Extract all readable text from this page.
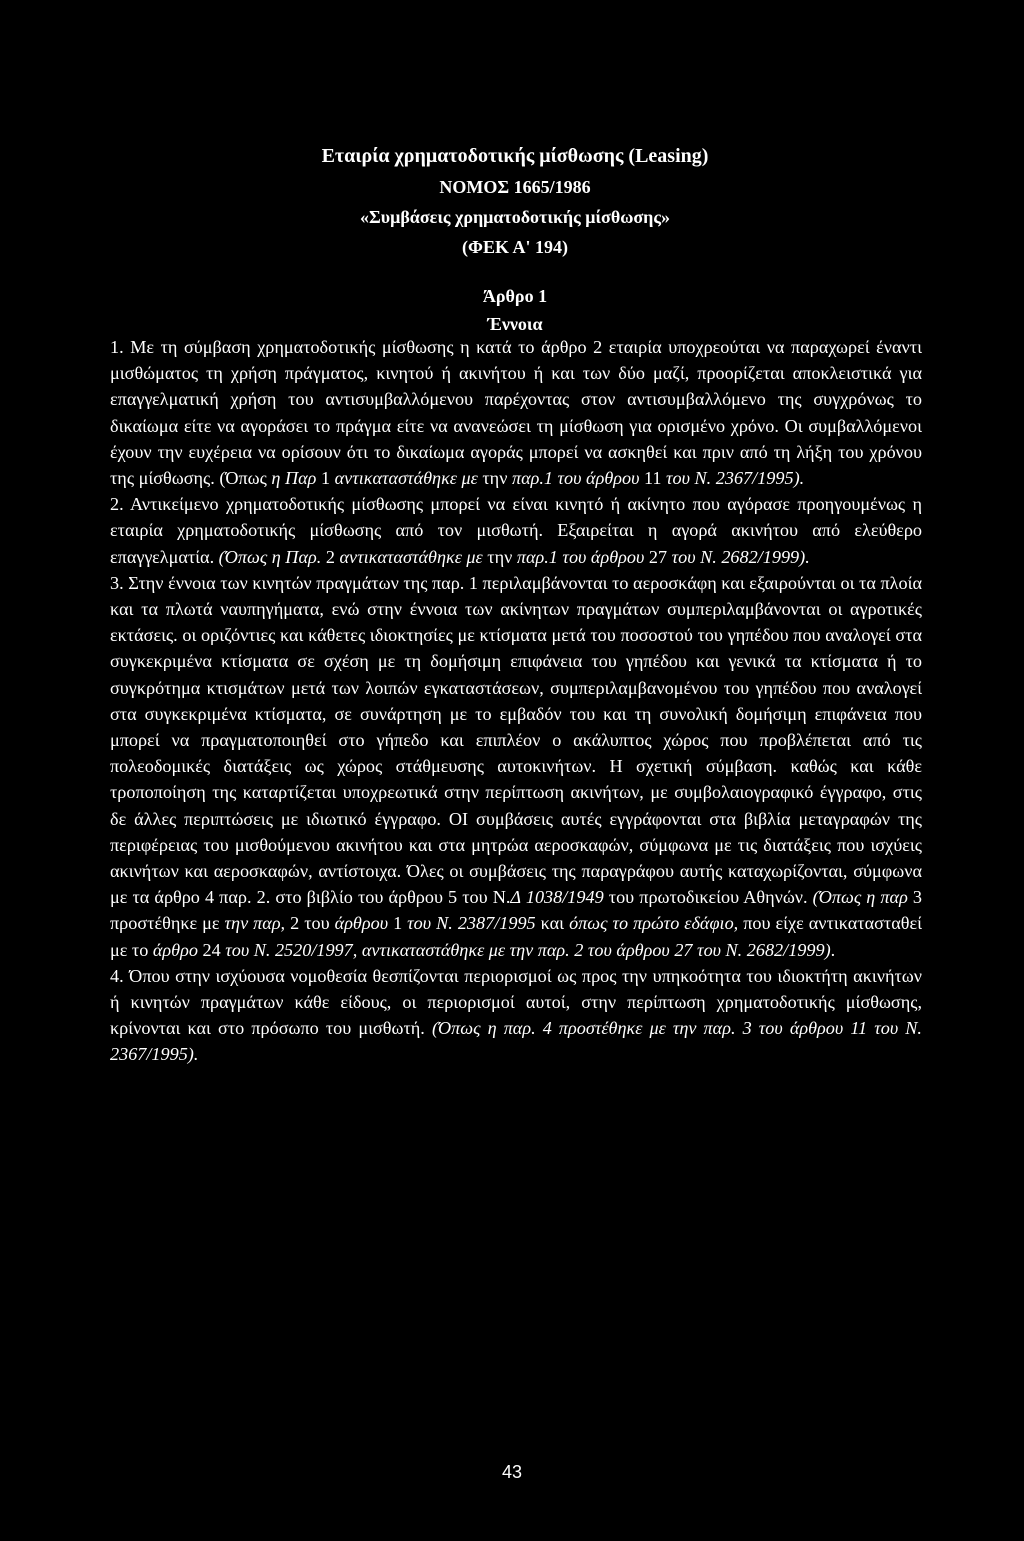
Εταιρία χρηματοδοτικής μίσθωσης (Leasing)
ΝΟΜΟΣ 1665/1986
«Συμβάσεις χρηματοδοτικής μίσθωσης»
(ΦΕΚ Α' 194)
Άρθρο 1
Έννοια

1. Με τη σύμβαση χρηματοδοτικής μίσθωσης η κατά το άρθρο 2 εταιρία υποχρεούται να παραχωρεί έναντι μισθώματος τη χρήση πράγματος, κινητού ή ακινήτου ή και των δύο μαζί, προορίζεται αποκλειστικά για επαγγελματική χρήση του αντισυμβαλλόμενου παρέχοντας στον αντισυμβαλλόμενο της συγχρόνως το δικαίωμα είτε να αγοράσει το πράγμα είτε να ανανεώσει τη μίσθωση για ορισμένο χρόνο. Οι συμβαλλόμενοι έχουν την ευχέρεια να ορίσουν ότι το δικαίωμα αγοράς μπορεί να ασκηθεί και πριν από τη λήξη του χρόνου της μίσθωσης. (Όπως η Παρ 1 αντικαταστάθηκε με την παρ.1 του άρθρου 11 του Ν. 2367/1995).

2. Αντικείμενο χρηματοδοτικής μίσθωσης μπορεί να είναι κινητό ή ακίνητο που αγόρασε προηγουμένως η εταιρία χρηματοδοτικής μίσθωσης από τον μισθωτή. Εξαιρείται η αγορά ακινήτου από ελεύθερο επαγγελματία. (Όπως η Παρ. 2 αντικαταστάθηκε με την παρ.1 του άρθρου 27 του Ν. 2682/1999).

3. Στην έννοια των κινητών πραγμάτων της παρ. 1 περιλαμβάνονται το αεροσκάφη και εξαιρούνται οι τα πλοία και τα πλωτά ναυπηγήματα, ενώ στην έννοια των ακίνητων πραγμάτων συμπεριλαμβάνονται οι αγροτικές εκτάσεις. οι οριζόντιες και κάθετες ιδιοκτησίες με κτίσματα μετά του ποσοστού του γηπέδου που αναλογεί στα συγκεκριμένα κτίσματα σε σχέση με τη δομήσιμη επιφάνεια του γηπέδου και γενικά τα κτίσματα ή το συγκρότημα κτισμάτων μετά των λοιπών εγκαταστάσεων, συμπεριλαμβανομένου του γηπέδου που αναλογεί στα συγκεκριμένα κτίσματα, σε συνάρτηση με το εμβαδόν του και τη συνολική δομήσιμη επιφάνεια που μπορεί να πραγματοποιηθεί στο γήπεδο και επιπλέον ο ακάλυπτος χώρος που προβλέπεται από τις πολεοδομικές διατάξεις ως χώρος στάθμευσης αυτοκινήτων. Η σχετική σύμβαση. καθώς και κάθε τροποποίηση της καταρτίζεται υποχρεωτικά στην περίπτωση ακινήτων, με συμβολαιογραφικό έγγραφο, στις δε άλλες περιπτώσεις με ιδιωτικό έγγραφο. ΟΙ συμβάσεις αυτές εγγράφονται στα βιβλία μεταγραφών της περιφέρειας του μισθούμενου ακινήτου και στα μητρώα αεροσκαφών, σύμφωνα με τις διατάξεις που ισχύεις ακινήτων και αεροσκαφών, αντίστοιχα. Όλες οι συμβάσεις της παραγράφου αυτής καταχωρίζονται, σύμφωνα με τα άρθρο 4 παρ. 2. στο βιβλίο του άρθρου 5 του Ν.Δ 1038/1949 του πρωτοδικείου Αθηνών. (Όπως η παρ 3 προστέθηκε με την παρ, 2 του άρθρου 1 του Ν. 2387/1995 και όπως το πρώτο εδάφιο, που είχε αντικατασταθεί με το άρθρο 24 του Ν. 2520/1997, αντικαταστάθηκε με την παρ. 2 του άρθρου 27 του Ν. 2682/1999).

4. Όπου στην ισχύουσα νομοθεσία θεσπίζονται περιορισμοί ως προς την υπηκοότητα του ιδιοκτήτη ακινήτων ή κινητών πραγμάτων κάθε είδους, οι περιορισμοί αυτοί, στην περίπτωση χρηματοδοτικής μίσθωσης, κρίνονται και στο πρόσωπο του μισθωτή. (Όπως η παρ. 4 προστέθηκε με την παρ. 3 του άρθρου 11 του Ν. 2367/1995).

43
